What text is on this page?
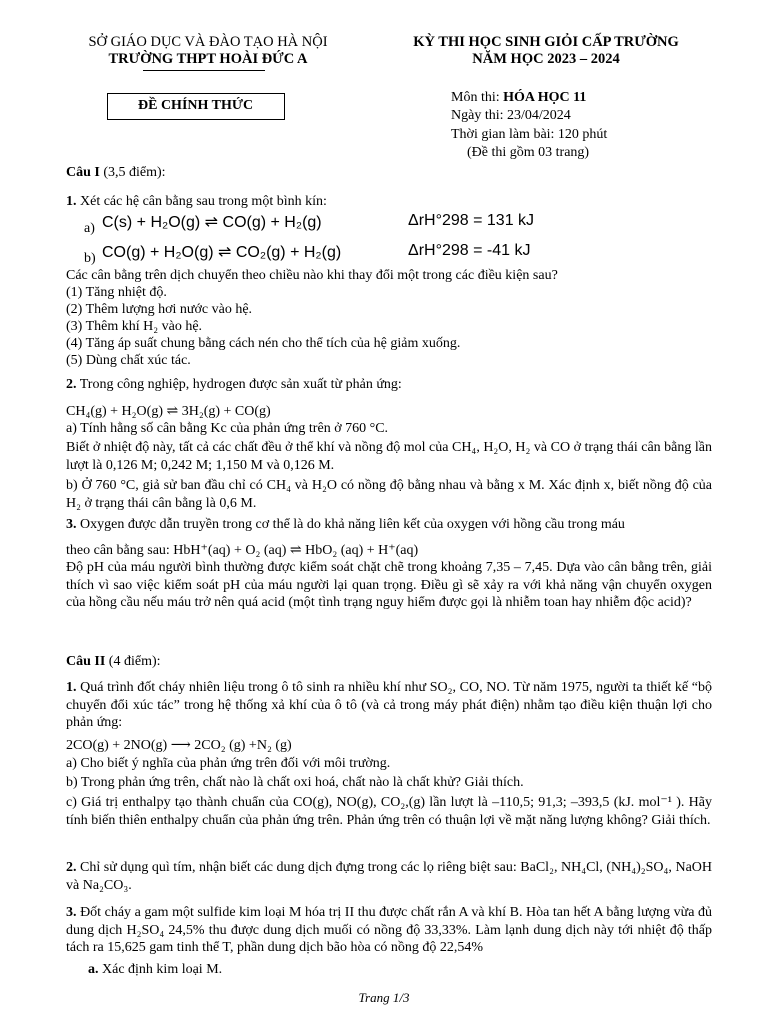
SỞ GIÁO DỤC VÀ ĐÀO TẠO HÀ NỘI
TRƯỜNG THPT HOÀI ĐỨC A
KỲ THI HỌC SINH GIỎI CẤP TRƯỜNG
NĂM HỌC 2023 – 2024
ĐỀ CHÍNH THỨC
Môn thi: HÓA HỌC 11
Ngày thi: 23/04/2024
Thời gian làm bài: 120 phút
(Đề thi gồm 03 trang)
Câu I (3,5 điểm):
1. Xét các hệ cân bằng sau trong một bình kín:
a) C(s) + H₂O(g) ⇌ CO(g) + H₂(g)	ΔrH°298 = 131 kJ
b) CO(g) + H₂O(g) ⇌ CO₂(g) + H₂(g)	ΔrH°298 = -41 kJ
Các cân bằng trên dịch chuyển theo chiều nào khi thay đổi một trong các điều kiện sau?
(1) Tăng nhiệt độ.
(2) Thêm lượng hơi nước vào hệ.
(3) Thêm khí H₂ vào hệ.
(4) Tăng áp suất chung bằng cách nén cho thể tích của hệ giảm xuống.
(5) Dùng chất xúc tác.
2. Trong công nghiệp, hydrogen được sản xuất từ phản ứng:
CH₄(g) + H₂O(g) ⇌ 3H₂(g) + CO(g)
a) Tính hằng số cân bằng Kc của phản ứng trên ở 760 °C.
Biết ở nhiệt độ này, tất cả các chất đều ở thể khí và nồng độ mol của CH₄, H₂O, H₂ và CO ở trạng thái cân bằng lần lượt là 0,126 M; 0,242 M; 1,150 M và 0,126 M.
b) Ở 760 °C, giả sử ban đầu chỉ có CH₄ và H₂O có nồng độ bằng nhau và bằng x M. Xác định x, biết nồng độ của H₂ ở trạng thái cân bằng là 0,6 M.
3. Oxygen được dẫn truyền trong cơ thể là do khả năng liên kết của oxygen với hồng cầu trong máu
theo cân bằng sau: HbH⁺(aq) + O₂ (aq) ⇌ HbO₂ (aq) + H⁺(aq)
Độ pH của máu người bình thường được kiểm soát chặt chẽ trong khoảng 7,35 – 7,45. Dựa vào cân bằng trên, giải thích vì sao việc kiểm soát pH của máu người lại quan trọng. Điều gì sẽ xảy ra với khả năng vận chuyển oxygen của hồng cầu nếu máu trở nên quá acid (một tình trạng nguy hiểm được gọi là nhiễm toan hay nhiễm độc acid)?
Câu II (4 điểm):
1. Quá trình đốt cháy nhiên liệu trong ô tô sinh ra nhiều khí như SO₂, CO, NO. Từ năm 1975, người ta thiết kế “bộ chuyển đổi xúc tác” trong hệ thống xả khí của ô tô (và cả trong máy phát điện) nhằm tạo điều kiện thuận lợi cho phản ứng:
2CO(g) + 2NO(g) ⟶ 2CO₂ (g) +N₂ (g)
a) Cho biết ý nghĩa của phản ứng trên đối với môi trường.
b) Trong phản ứng trên, chất nào là chất oxi hoá, chất nào là chất khử? Giải thích.
c) Giá trị enthalpy tạo thành chuẩn của CO(g), NO(g), CO₂,(g) lần lượt là –110,5; 91,3; –393,5 (kJ. mol⁻¹ ). Hãy tính biến thiên enthalpy chuẩn của phản ứng trên. Phản ứng trên có thuận lợi về mặt năng lượng không? Giải thích.
2. Chỉ sử dụng quì tím, nhận biết các dung dịch đựng trong các lọ riêng biệt sau: BaCl₂, NH₄Cl, (NH₄)₂SO₄, NaOH và Na₂CO₃.
3. Đốt cháy a gam một sulfide kim loại M hóa trị II thu được chất rắn A và khí B. Hòa tan hết A bằng lượng vừa đủ dung dịch H₂SO₄ 24,5% thu được dung dịch muối có nồng độ 33,33%. Làm lạnh dung dịch này tới nhiệt độ thấp tách ra 15,625 gam tinh thể T, phần dung dịch bão hòa có nồng độ 22,54%
a. Xác định kim loại M.
Trang 1/3
